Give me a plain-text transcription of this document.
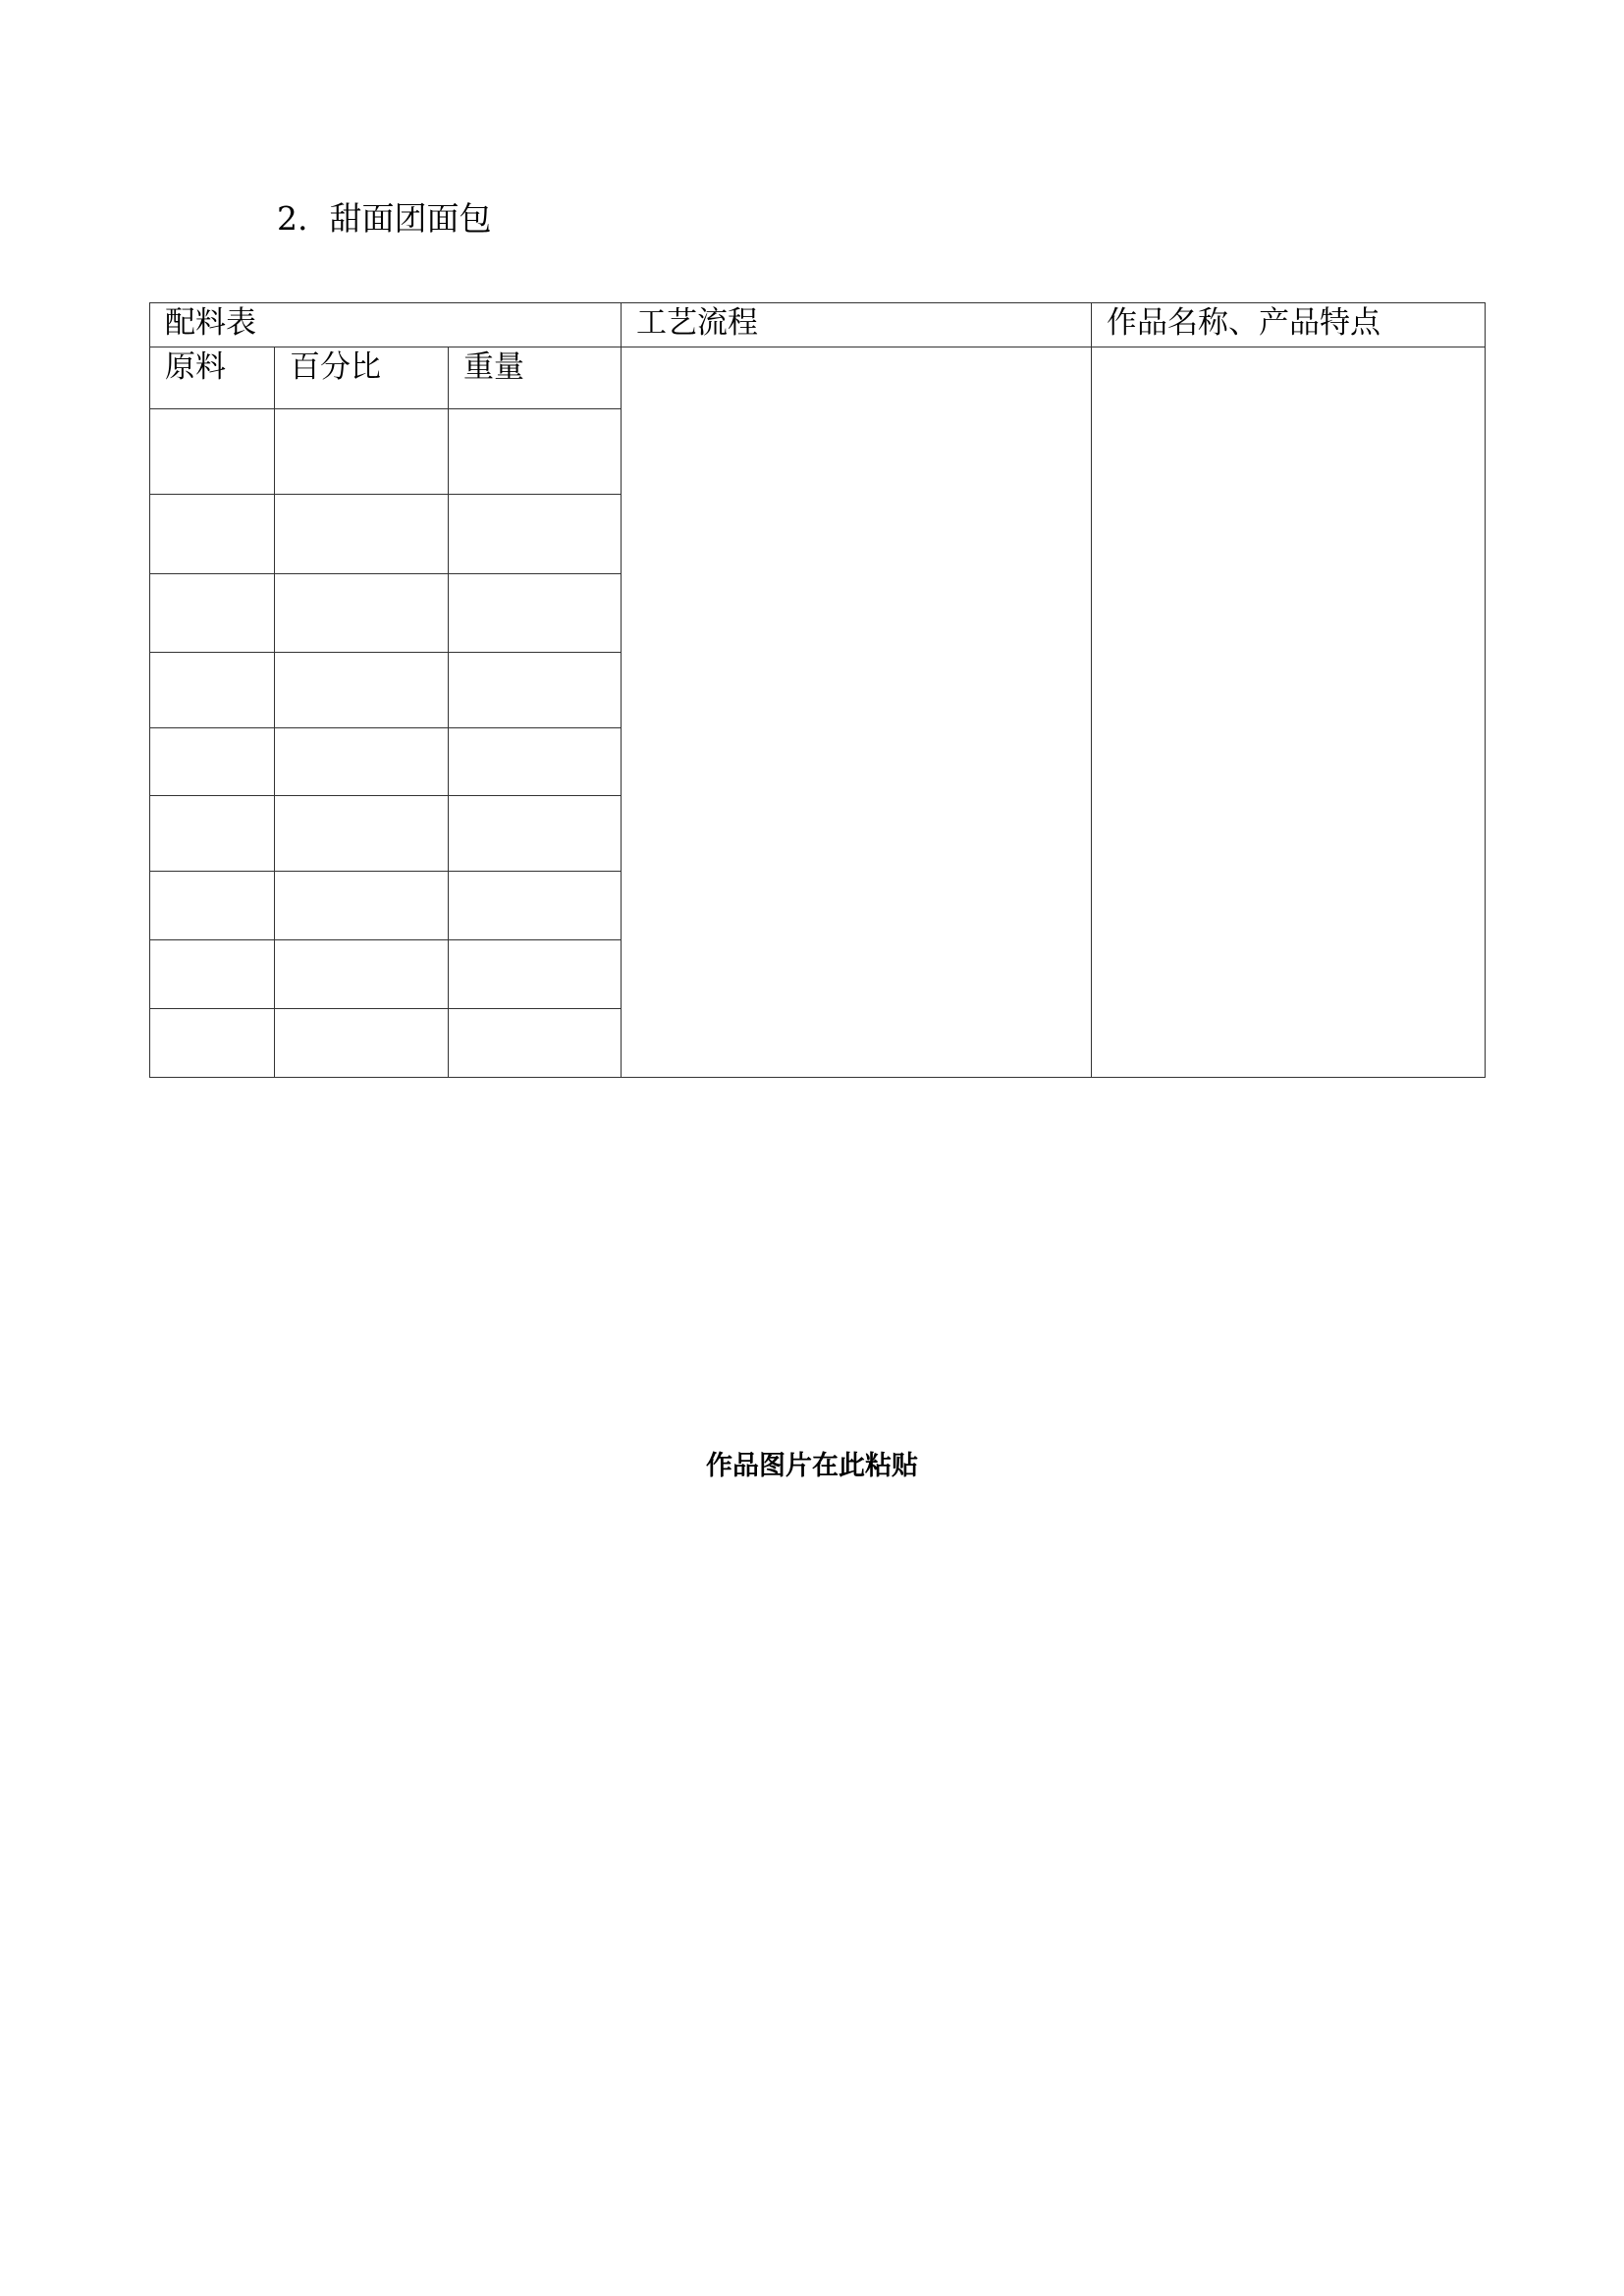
2. 甜面团面包
配料表			工艺流程	作品名称、产品特点

原料	百分比	重量		

作品图片在此粘贴
